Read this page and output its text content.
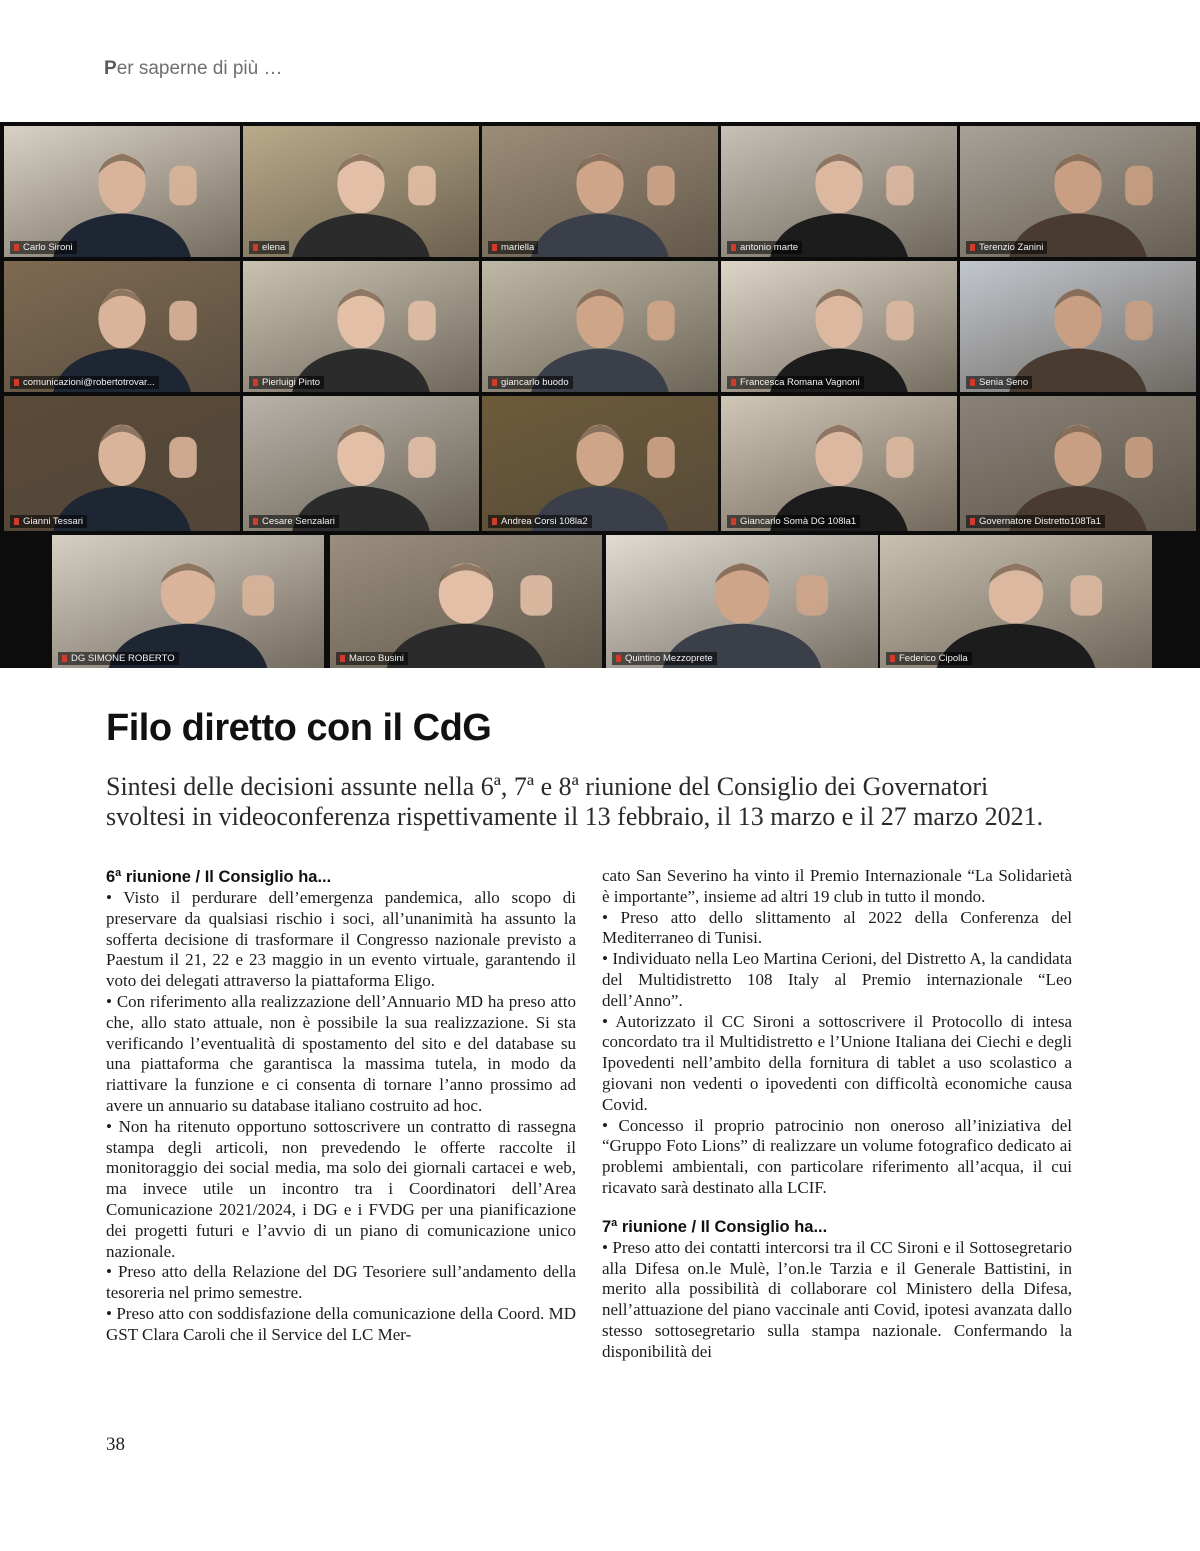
Per saperne di più …
Carlo Sironi	elena	mariella	antonio marte	Terenzio Zanini
comunicazioni@robertotrovar...	Pierluigi Pinto	giancarlo buodo	Francesca Romana Vagnoni	Senia Seno
Gianni Tessari	Cesare Senzalari	Andrea Corsi 108la2	Giancarlo Somà DG 108la1	Governatore Distretto108Ta1
DG SIMONE ROBERTO	Marco Busini	Quintino Mezzoprete	Federico Cipolla
Filo diretto con il CdG

Sintesi delle decisioni assunte nella 6ª, 7ª e 8ª riunione del Consiglio dei Governatori svoltesi in videoconferenza rispettivamente il 13 febbraio, il 13 marzo e il 27 marzo 2021.

6ª riunione / Il Consiglio ha...

• Visto il perdurare dell’emergenza pandemica, allo scopo di preservare da qualsiasi rischio i soci, all’unanimità ha assunto la sofferta decisione di trasformare il Congresso nazionale previsto a Paestum il 21, 22 e 23 maggio in un evento virtuale, garantendo il voto dei delegati attraverso la piattaforma Eligo.

• Con riferimento alla realizzazione dell’Annuario MD ha preso atto che, allo stato attuale, non è possibile la sua realizzazione. Si sta verificando l’eventualità di spostamento del sito e del database su una piattaforma che garantisca la massima tutela, in modo da riattivare la funzione e ci consenta di tornare l’anno prossimo ad avere un annuario su database italiano costruito ad hoc.

• Non ha ritenuto opportuno sottoscrivere un contratto di rassegna stampa degli articoli, non prevedendo le offerte raccolte il monitoraggio dei social media, ma solo dei giornali cartacei e web, ma invece utile un incontro tra i Coordinatori dell’Area Comunicazione 2021/2024, i DG e i FVDG per una pianificazione dei progetti futuri e l’avvio di un piano di comunicazione unico nazionale.

• Preso atto della Relazione del DG Tesoriere sull’andamento della tesoreria nel primo semestre.

• Preso atto con soddisfazione della comunicazione della Coord. MD GST Clara Caroli che il Service del LC Mer-

cato San Severino ha vinto il Premio Internazionale “La Solidarietà è importante”, insieme ad altri 19 club in tutto il mondo.

• Preso atto dello slittamento al 2022 della Conferenza del Mediterraneo di Tunisi.

• Individuato nella Leo Martina Cerioni, del Distretto A, la candidata del Multidistretto 108 Italy al Premio internazionale “Leo dell’Anno”.

• Autorizzato il CC Sironi a sottoscrivere il Protocollo di intesa concordato tra il Multidistretto e l’Unione Italiana dei Ciechi e degli Ipovedenti nell’ambito della fornitura di tablet a uso scolastico a giovani non vedenti o ipovedenti con difficoltà economiche causa Covid.

• Concesso il proprio patrocinio non oneroso all’iniziativa del “Gruppo Foto Lions” di realizzare un volume fotografico dedicato ai problemi ambientali, con particolare riferimento all’acqua, il cui ricavato sarà destinato alla LCIF.

7ª riunione / Il Consiglio ha...

• Preso atto dei contatti intercorsi tra il CC Sironi e il Sottosegretario alla Difesa on.le Mulè, l’on.le Tarzia e il Generale Battistini, in merito alla possibilità di collaborare col Ministero della Difesa, nell’attuazione del piano vaccinale anti Covid, ipotesi avanzata dallo stesso sottosegretario sulla stampa nazionale. Confermando la disponibilità dei

38
